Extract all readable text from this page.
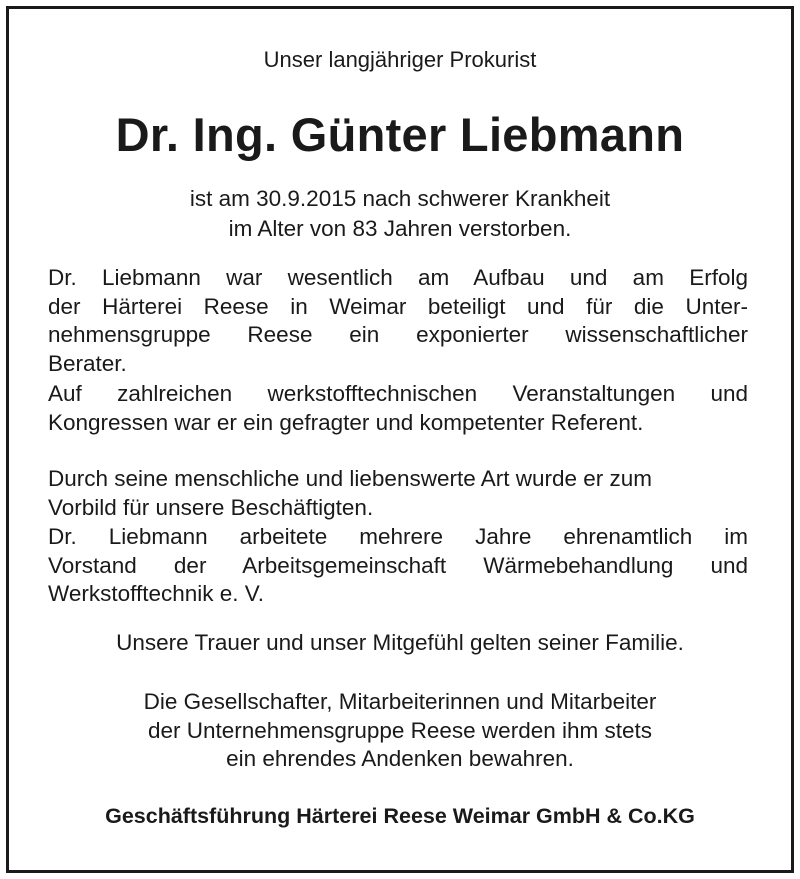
Unser langjähriger Prokurist
Dr. Ing. Günter Liebmann
ist am 30.9.2015 nach schwerer Krankheit
im Alter von 83 Jahren verstorben.
Dr. Liebmann war wesentlich am Aufbau und am Erfolg
der Härterei Reese in Weimar beteiligt und für die Unter-
nehmensgruppe Reese ein exponierter wissenschaftlicher
Berater.
Auf zahlreichen werkstofftechnischen Veranstaltungen und
Kongressen war er ein gefragter und kompetenter Referent.
Durch seine menschliche und liebenswerte Art wurde er zum
Vorbild für unsere Beschäftigten.
Dr. Liebmann arbeitete mehrere Jahre ehrenamtlich im
Vorstand der Arbeitsgemeinschaft Wärmebehandlung und
Werkstofftechnik e. V.
Unsere Trauer und unser Mitgefühl gelten seiner Familie.
Die Gesellschafter, Mitarbeiterinnen und Mitarbeiter
der Unternehmensgruppe Reese werden ihm stets
ein ehrendes Andenken bewahren.
Geschäftsführung Härterei Reese Weimar GmbH & Co.KG
